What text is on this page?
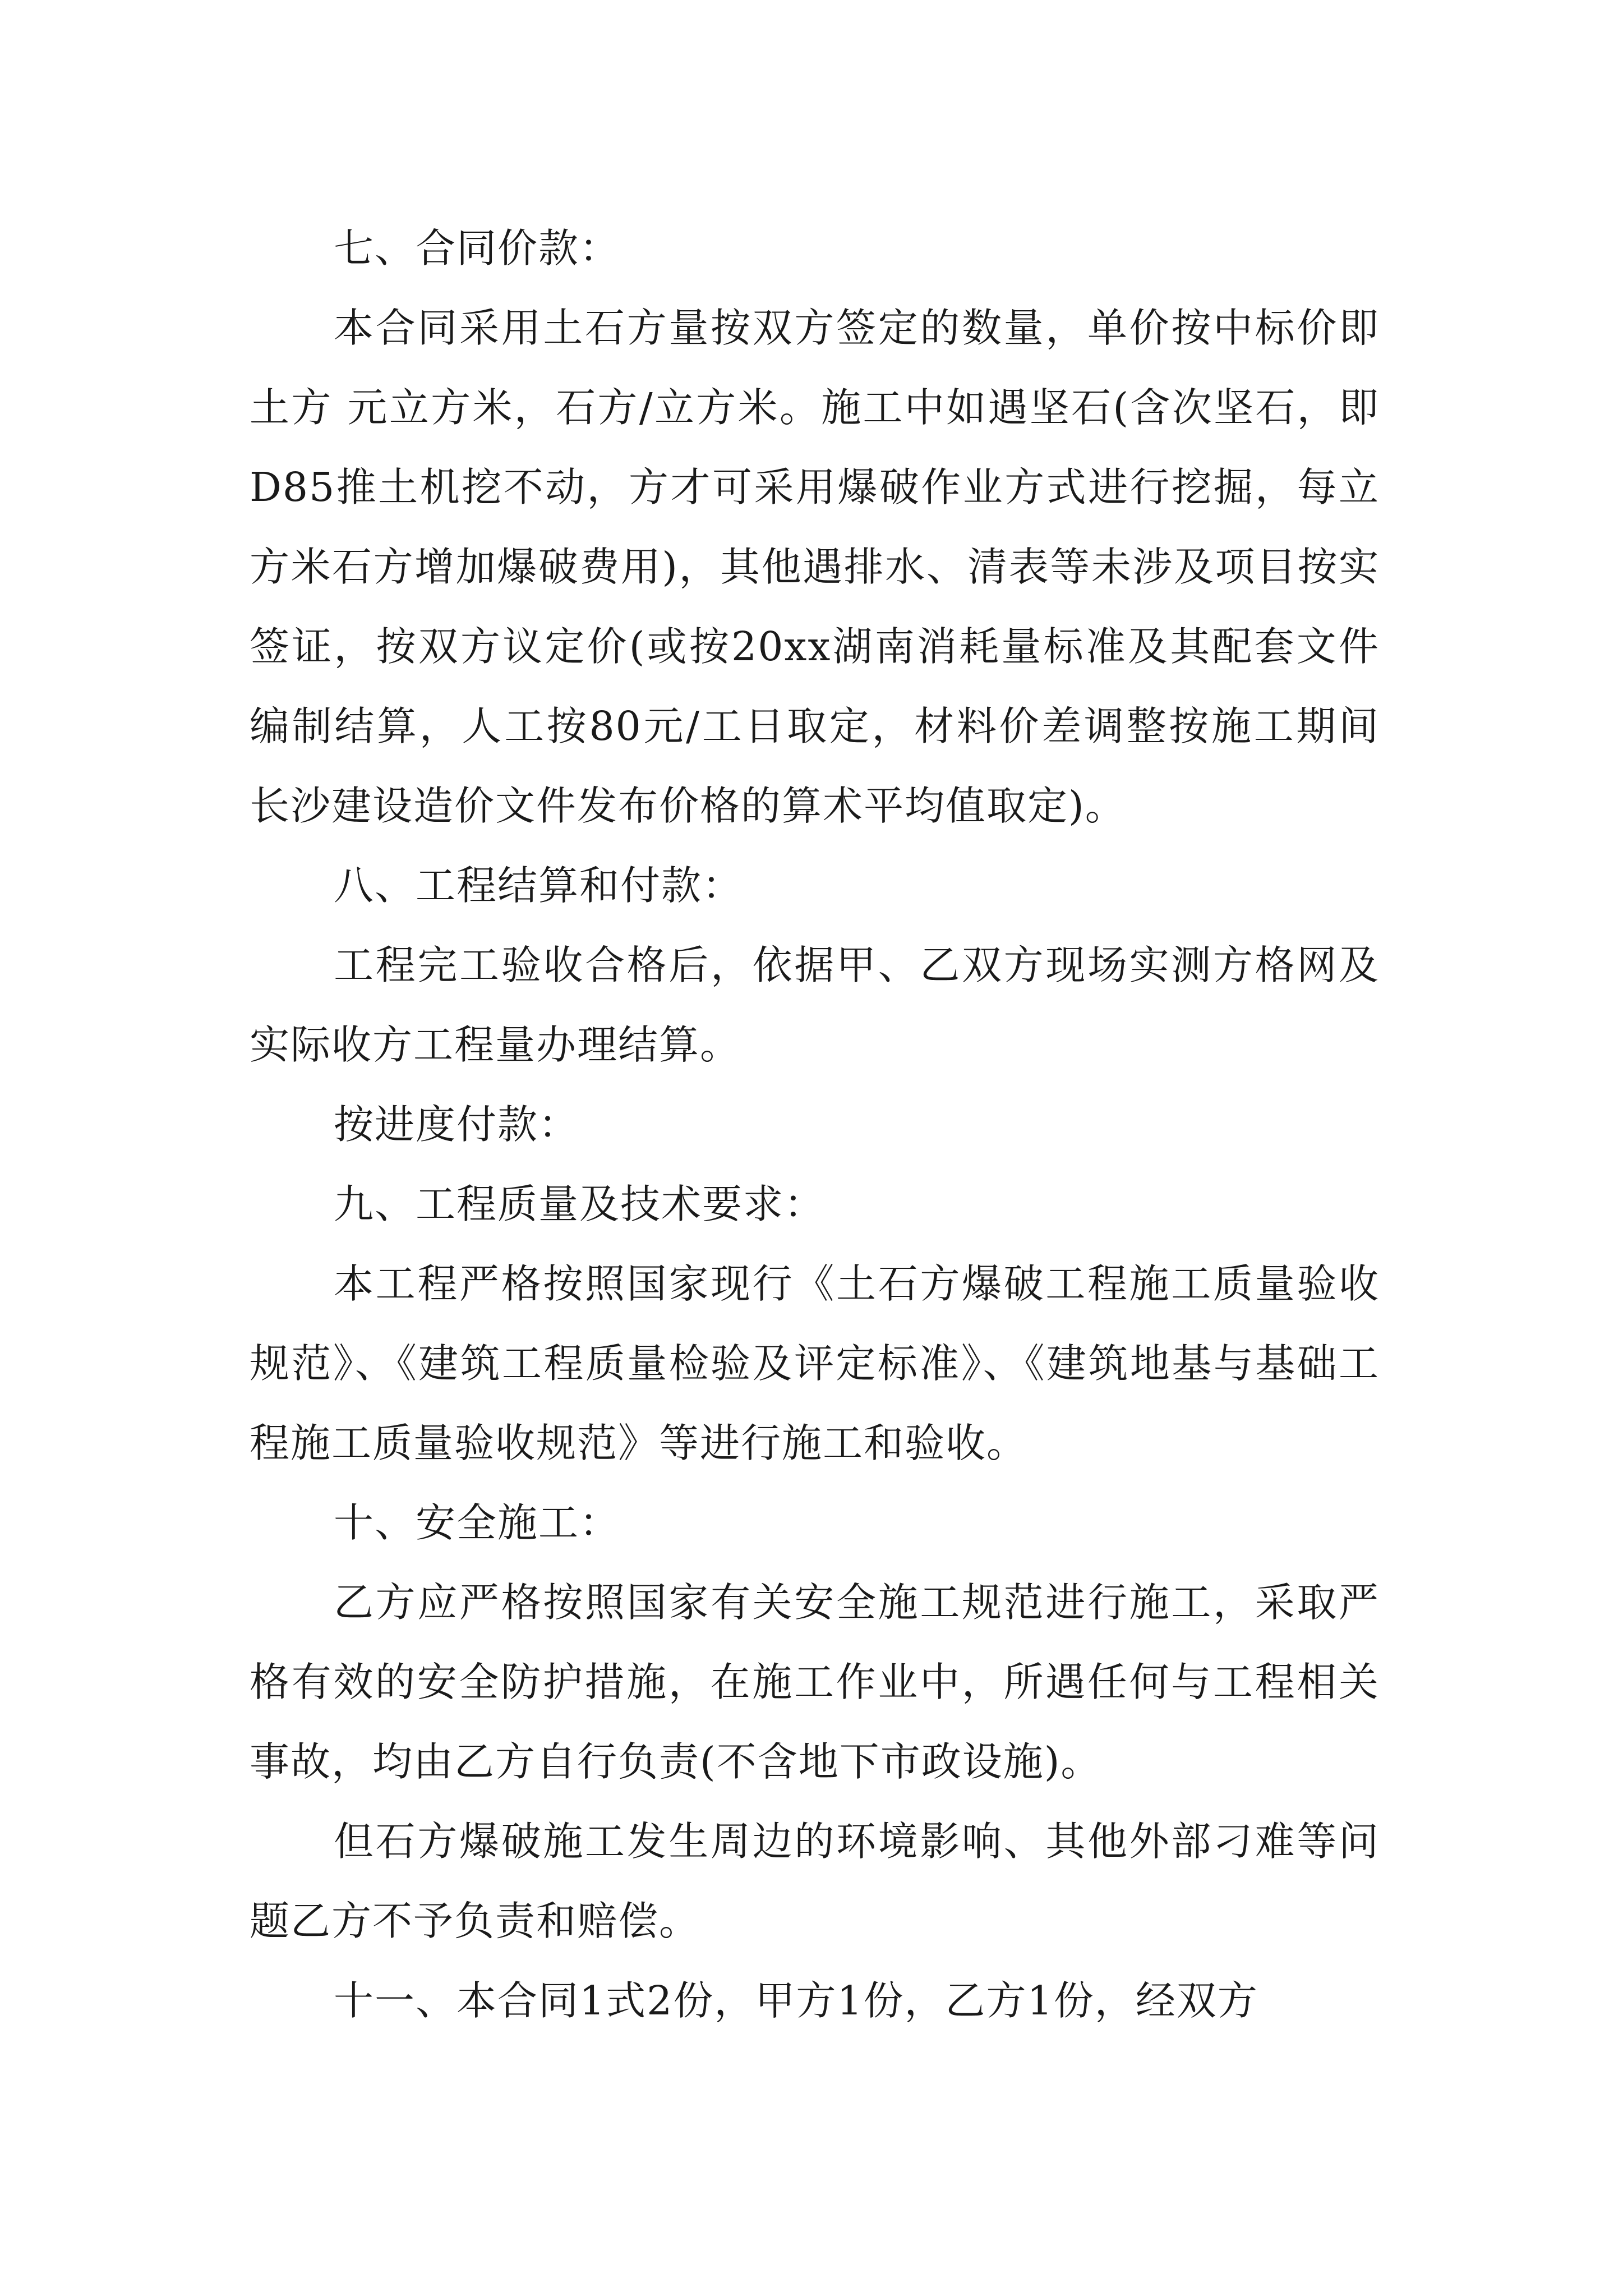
七、合同价款：

本合同采用土石方量按双方签定的数量，单价按中标价即土方 元立方米，石方/立方米。施工中如遇坚石(含次坚石，即D85推土机挖不动，方才可采用爆破作业方式进行挖掘，每立方米石方增加爆破费用)，其他遇排水、清表等未涉及项目按实签证，按双方议定价(或按20xx湖南消耗量标准及其配套文件编制结算，人工按80元/工日取定，材料价差调整按施工期间长沙建设造价文件发布价格的算术平均值取定)。

八、工程结算和付款：

工程完工验收合格后，依据甲、乙双方现场实测方格网及实际收方工程量办理结算。

按进度付款：

九、工程质量及技术要求：

本工程严格按照国家现行《土石方爆破工程施工质量验收规范》、《建筑工程质量检验及评定标准》、《建筑地基与基础工程施工质量验收规范》等进行施工和验收。

十、安全施工：

乙方应严格按照国家有关安全施工规范进行施工，采取严格有效的安全防护措施，在施工作业中，所遇任何与工程相关事故，均由乙方自行负责(不含地下市政设施)。

但石方爆破施工发生周边的环境影响、其他外部刁难等问题乙方不予负责和赔偿。

十一、本合同1式2份，甲方1份，乙方1份，经双方
